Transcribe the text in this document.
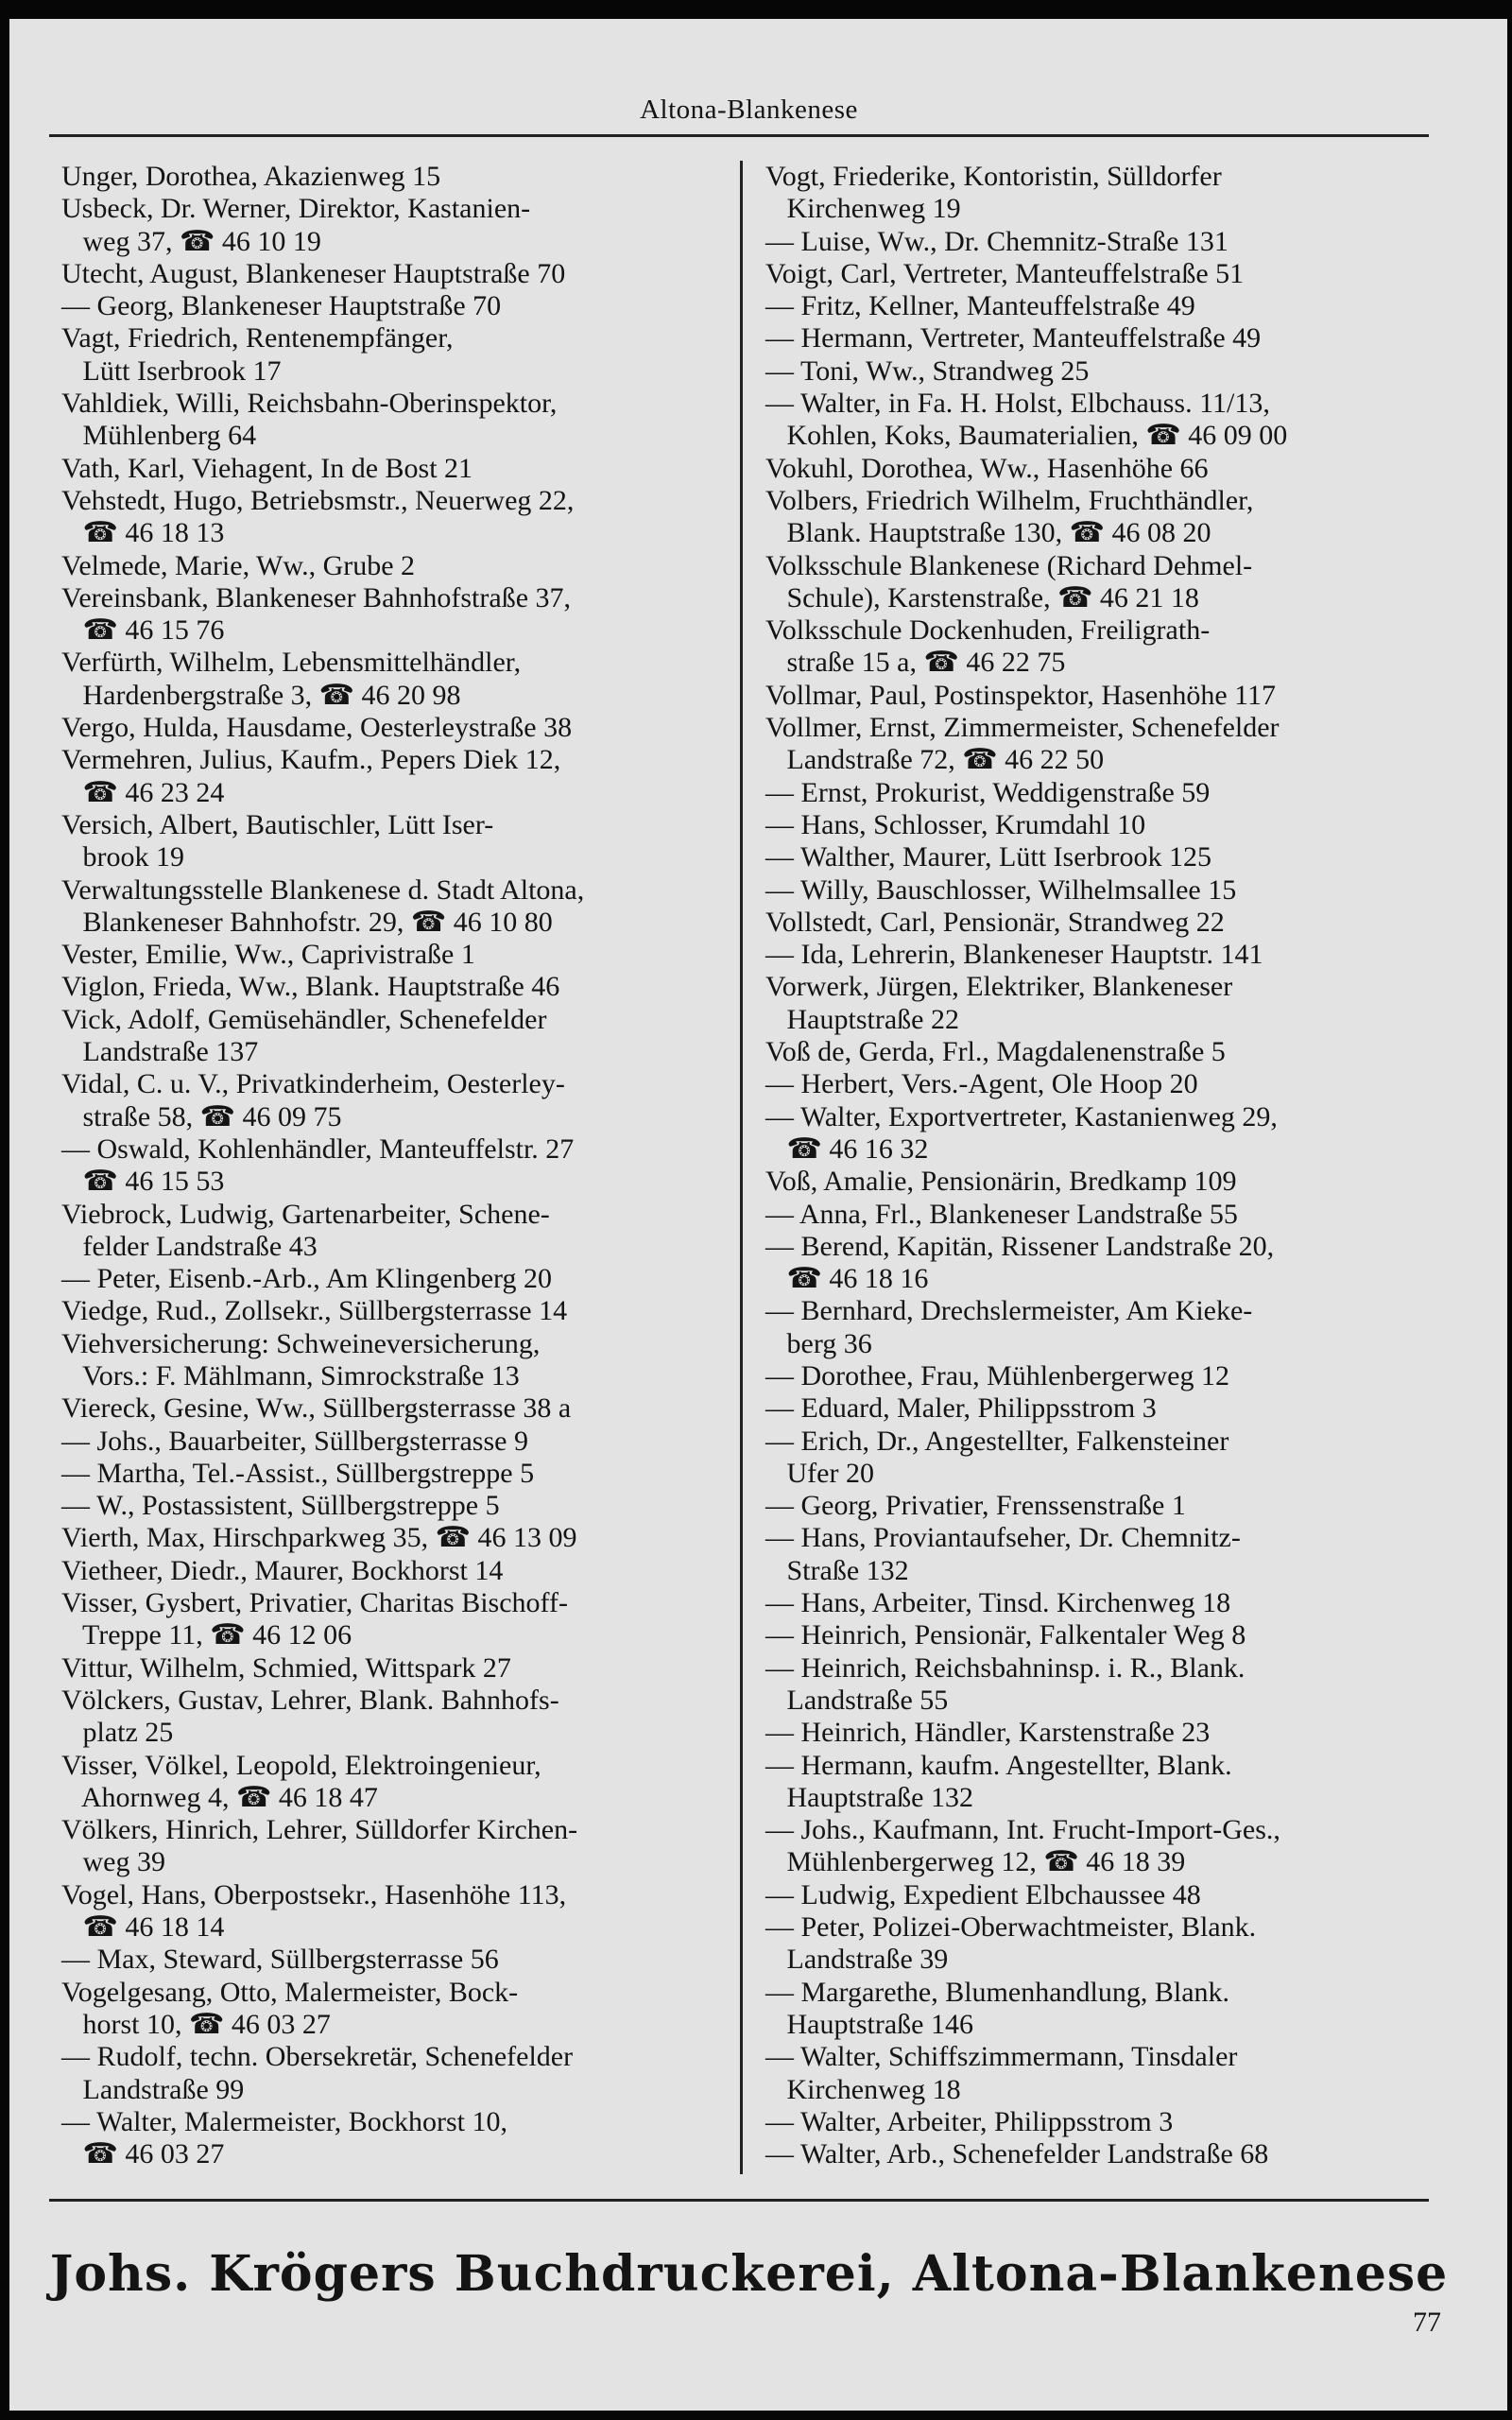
Altona-Blankenese
Unger, Dorothea, Akazienweg 15
Usbeck, Dr. Werner, Direktor, Kastanien-
weg 37, ☎ 46 10 19
Utecht, August, Blankeneser Hauptstraße 70
— Georg, Blankeneser Hauptstraße 70
Vagt, Friedrich, Rentenempfänger,
Lütt Iserbrook 17
Vahldiek, Willi, Reichsbahn-Oberinspektor,
Mühlenberg 64
Vath, Karl, Viehagent, In de Bost 21
Vehstedt, Hugo, Betriebsmstr., Neuerweg 22,
☎ 46 18 13
Velmede, Marie, Ww., Grube 2
Vereinsbank, Blankeneser Bahnhofstraße 37,
☎ 46 15 76
Verfürth, Wilhelm, Lebensmittelhändler,
Hardenbergstraße 3, ☎ 46 20 98
Vergo, Hulda, Hausdame, Oesterleystraße 38
Vermehren, Julius, Kaufm., Pepers Diek 12,
☎ 46 23 24
Versich, Albert, Bautischler, Lütt Iser-
brook 19
Verwaltungsstelle Blankenese d. Stadt Altona,
Blankeneser Bahnhofstr. 29, ☎ 46 10 80
Vester, Emilie, Ww., Caprivistraße 1
Viglon, Frieda, Ww., Blank. Hauptstraße 46
Vick, Adolf, Gemüsehändler, Schenefelder
Landstraße 137
Vidal, C. u. V., Privatkinderheim, Oesterley-
straße 58, ☎ 46 09 75
— Oswald, Kohlenhändler, Manteuffelstr. 27
☎ 46 15 53
Viebrock, Ludwig, Gartenarbeiter, Schene-
felder Landstraße 43
— Peter, Eisenb.-Arb., Am Klingenberg 20
Viedge, Rud., Zollsekr., Süllbergsterrasse 14
Viehversicherung: Schweineversicherung,
Vors.: F. Mählmann, Simrockstraße 13
Viereck, Gesine, Ww., Süllbergsterrasse 38 a
— Johs., Bauarbeiter, Süllbergsterrasse 9
— Martha, Tel.-Assist., Süllbergstreppe 5
— W., Postassistent, Süllbergstreppe 5
Vierth, Max, Hirschparkweg 35, ☎ 46 13 09
Vietheer, Diedr., Maurer, Bockhorst 14
Visser, Gysbert, Privatier, Charitas Bischoff-
Treppe 11, ☎ 46 12 06
Vittur, Wilhelm, Schmied, Wittspark 27
Völckers, Gustav, Lehrer, Blank. Bahnhofs-
platz 25
Visser, Völkel, Leopold, Elektroingenieur,
Ahornweg 4, ☎ 46 18 47
Völkers, Hinrich, Lehrer, Sülldorfer Kirchen-
weg 39
Vogel, Hans, Oberpostsekr., Hasenhöhe 113,
☎ 46 18 14
— Max, Steward, Süllbergsterrasse 56
Vogelgesang, Otto, Malermeister, Bock-
horst 10, ☎ 46 03 27
— Rudolf, techn. Obersekretär, Schenefelder
Landstraße 99
— Walter, Malermeister, Bockhorst 10,
☎ 46 03 27
Vogt, Friederike, Kontoristin, Sülldorfer
Kirchenweg 19
— Luise, Ww., Dr. Chemnitz-Straße 131
Voigt, Carl, Vertreter, Manteuffelstraße 51
— Fritz, Kellner, Manteuffelstraße 49
— Hermann, Vertreter, Manteuffelstraße 49
— Toni, Ww., Strandweg 25
— Walter, in Fa. H. Holst, Elbchauss. 11/13,
Kohlen, Koks, Baumaterialien, ☎ 46 09 00
Vokuhl, Dorothea, Ww., Hasenhöhe 66
Volbers, Friedrich Wilhelm, Fruchthändler,
Blank. Hauptstraße 130, ☎ 46 08 20
Volksschule Blankenese (Richard Dehmel-
Schule), Karstenstraße, ☎ 46 21 18
Volksschule Dockenhuden, Freiligrath-
straße 15 a, ☎ 46 22 75
Vollmar, Paul, Postinspektor, Hasenhöhe 117
Vollmer, Ernst, Zimmermeister, Schenefelder
Landstraße 72, ☎ 46 22 50
— Ernst, Prokurist, Weddigenstraße 59
— Hans, Schlosser, Krumdahl 10
— Walther, Maurer, Lütt Iserbrook 125
— Willy, Bauschlosser, Wilhelmsallee 15
Vollstedt, Carl, Pensionär, Strandweg 22
— Ida, Lehrerin, Blankeneser Hauptstr. 141
Vorwerk, Jürgen, Elektriker, Blankeneser
Hauptstraße 22
Voß de, Gerda, Frl., Magdalenenstraße 5
— Herbert, Vers.-Agent, Ole Hoop 20
— Walter, Exportvertreter, Kastanienweg 29,
☎ 46 16 32
Voß, Amalie, Pensionärin, Bredkamp 109
— Anna, Frl., Blankeneser Landstraße 55
— Berend, Kapitän, Rissener Landstraße 20,
☎ 46 18 16
— Bernhard, Drechslermeister, Am Kieke-
berg 36
— Dorothee, Frau, Mühlenbergerweg 12
— Eduard, Maler, Philippsstrom 3
— Erich, Dr., Angestellter, Falkensteiner
Ufer 20
— Georg, Privatier, Frenssenstraße 1
— Hans, Proviantaufseher, Dr. Chemnitz-
Straße 132
— Hans, Arbeiter, Tinsd. Kirchenweg 18
— Heinrich, Pensionär, Falkentaler Weg 8
— Heinrich, Reichsbahninsp. i. R., Blank.
Landstraße 55
— Heinrich, Händler, Karstenstraße 23
— Hermann, kaufm. Angestellter, Blank.
Hauptstraße 132
— Johs., Kaufmann, Int. Frucht-Import-Ges.,
Mühlenbergerweg 12, ☎ 46 18 39
— Ludwig, Expedient Elbchaussee 48
— Peter, Polizei-Oberwachtmeister, Blank.
Landstraße 39
— Margarethe, Blumenhandlung, Blank.
Hauptstraße 146
— Walter, Schiffszimmermann, Tinsdaler
Kirchenweg 18
— Walter, Arbeiter, Philippsstrom 3
— Walter, Arb., Schenefelder Landstraße 68
Johs. Krögers Buchdruckerei, Altona-Blankenese
77
